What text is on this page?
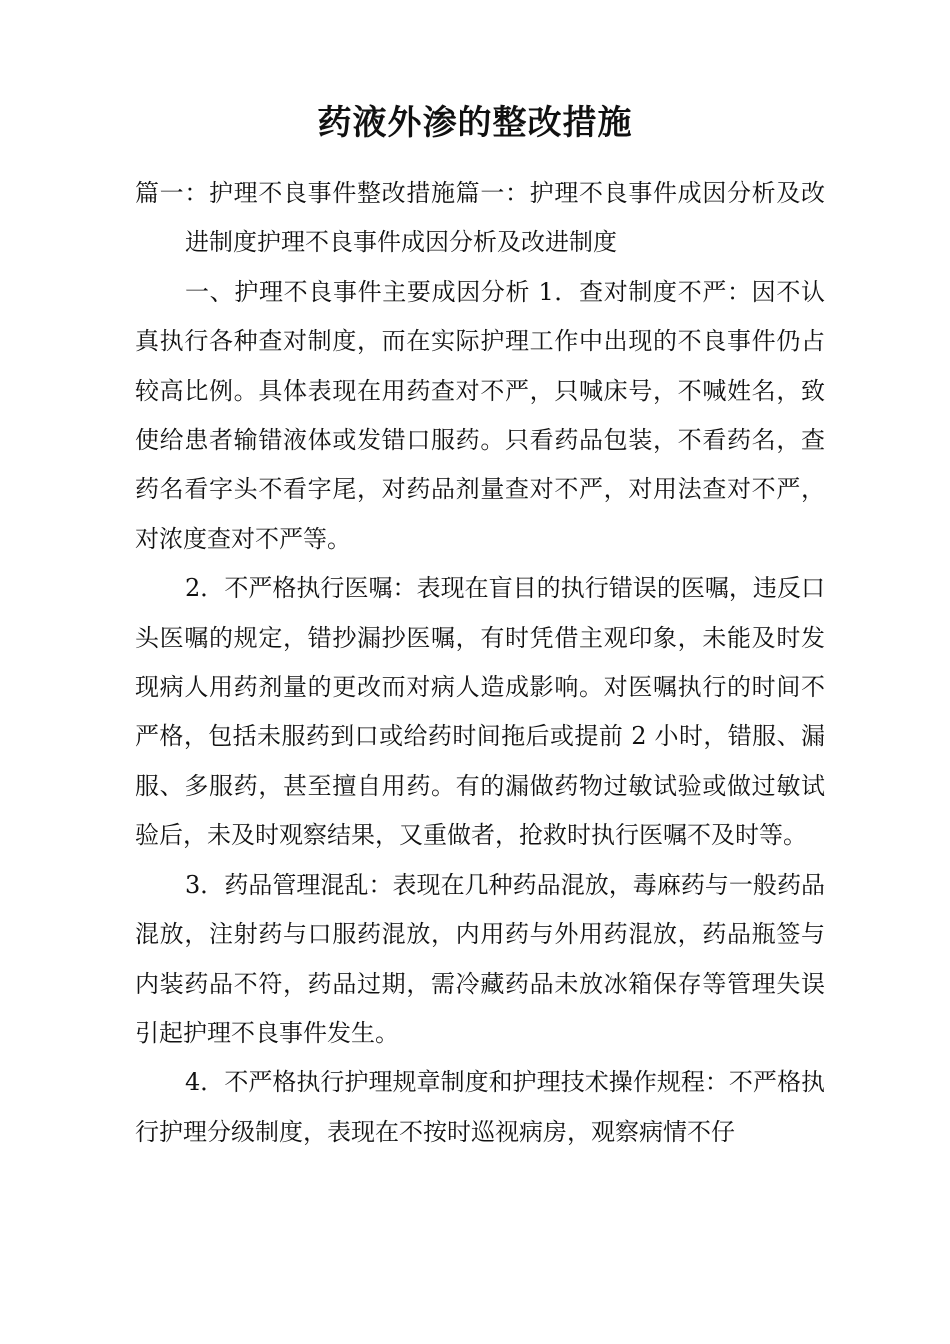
药液外渗的整改措施

篇一：护理不良事件整改措施篇一：护理不良事件成因分析及改进制度护理不良事件成因分析及改进制度

一、护理不良事件主要成因分析 1．查对制度不严：因不认真执行各种查对制度，而在实际护理工作中出现的不良事件仍占较高比例。具体表现在用药查对不严，只喊床号，不喊姓名，致使给患者输错液体或发错口服药。只看药品包装，不看药名，查药名看字头不看字尾，对药品剂量查对不严，对用法查对不严，对浓度查对不严等。

2．不严格执行医嘱：表现在盲目的执行错误的医嘱，违反口头医嘱的规定，错抄漏抄医嘱，有时凭借主观印象，未能及时发现病人用药剂量的更改而对病人造成影响。对医嘱执行的时间不严格，包括未服药到口或给药时间拖后或提前 2 小时，错服、漏服、多服药，甚至擅自用药。有的漏做药物过敏试验或做过敏试验后，未及时观察结果，又重做者，抢救时执行医嘱不及时等。

3．药品管理混乱：表现在几种药品混放，毒麻药与一般药品混放，注射药与口服药混放，内用药与外用药混放，药品瓶签与内装药品不符，药品过期，需冷藏药品未放冰箱保存等管理失误引起护理不良事件发生。

4．不严格执行护理规章制度和护理技术操作规程：不严格执行护理分级制度，表现在不按时巡视病房，观察病情不仔
